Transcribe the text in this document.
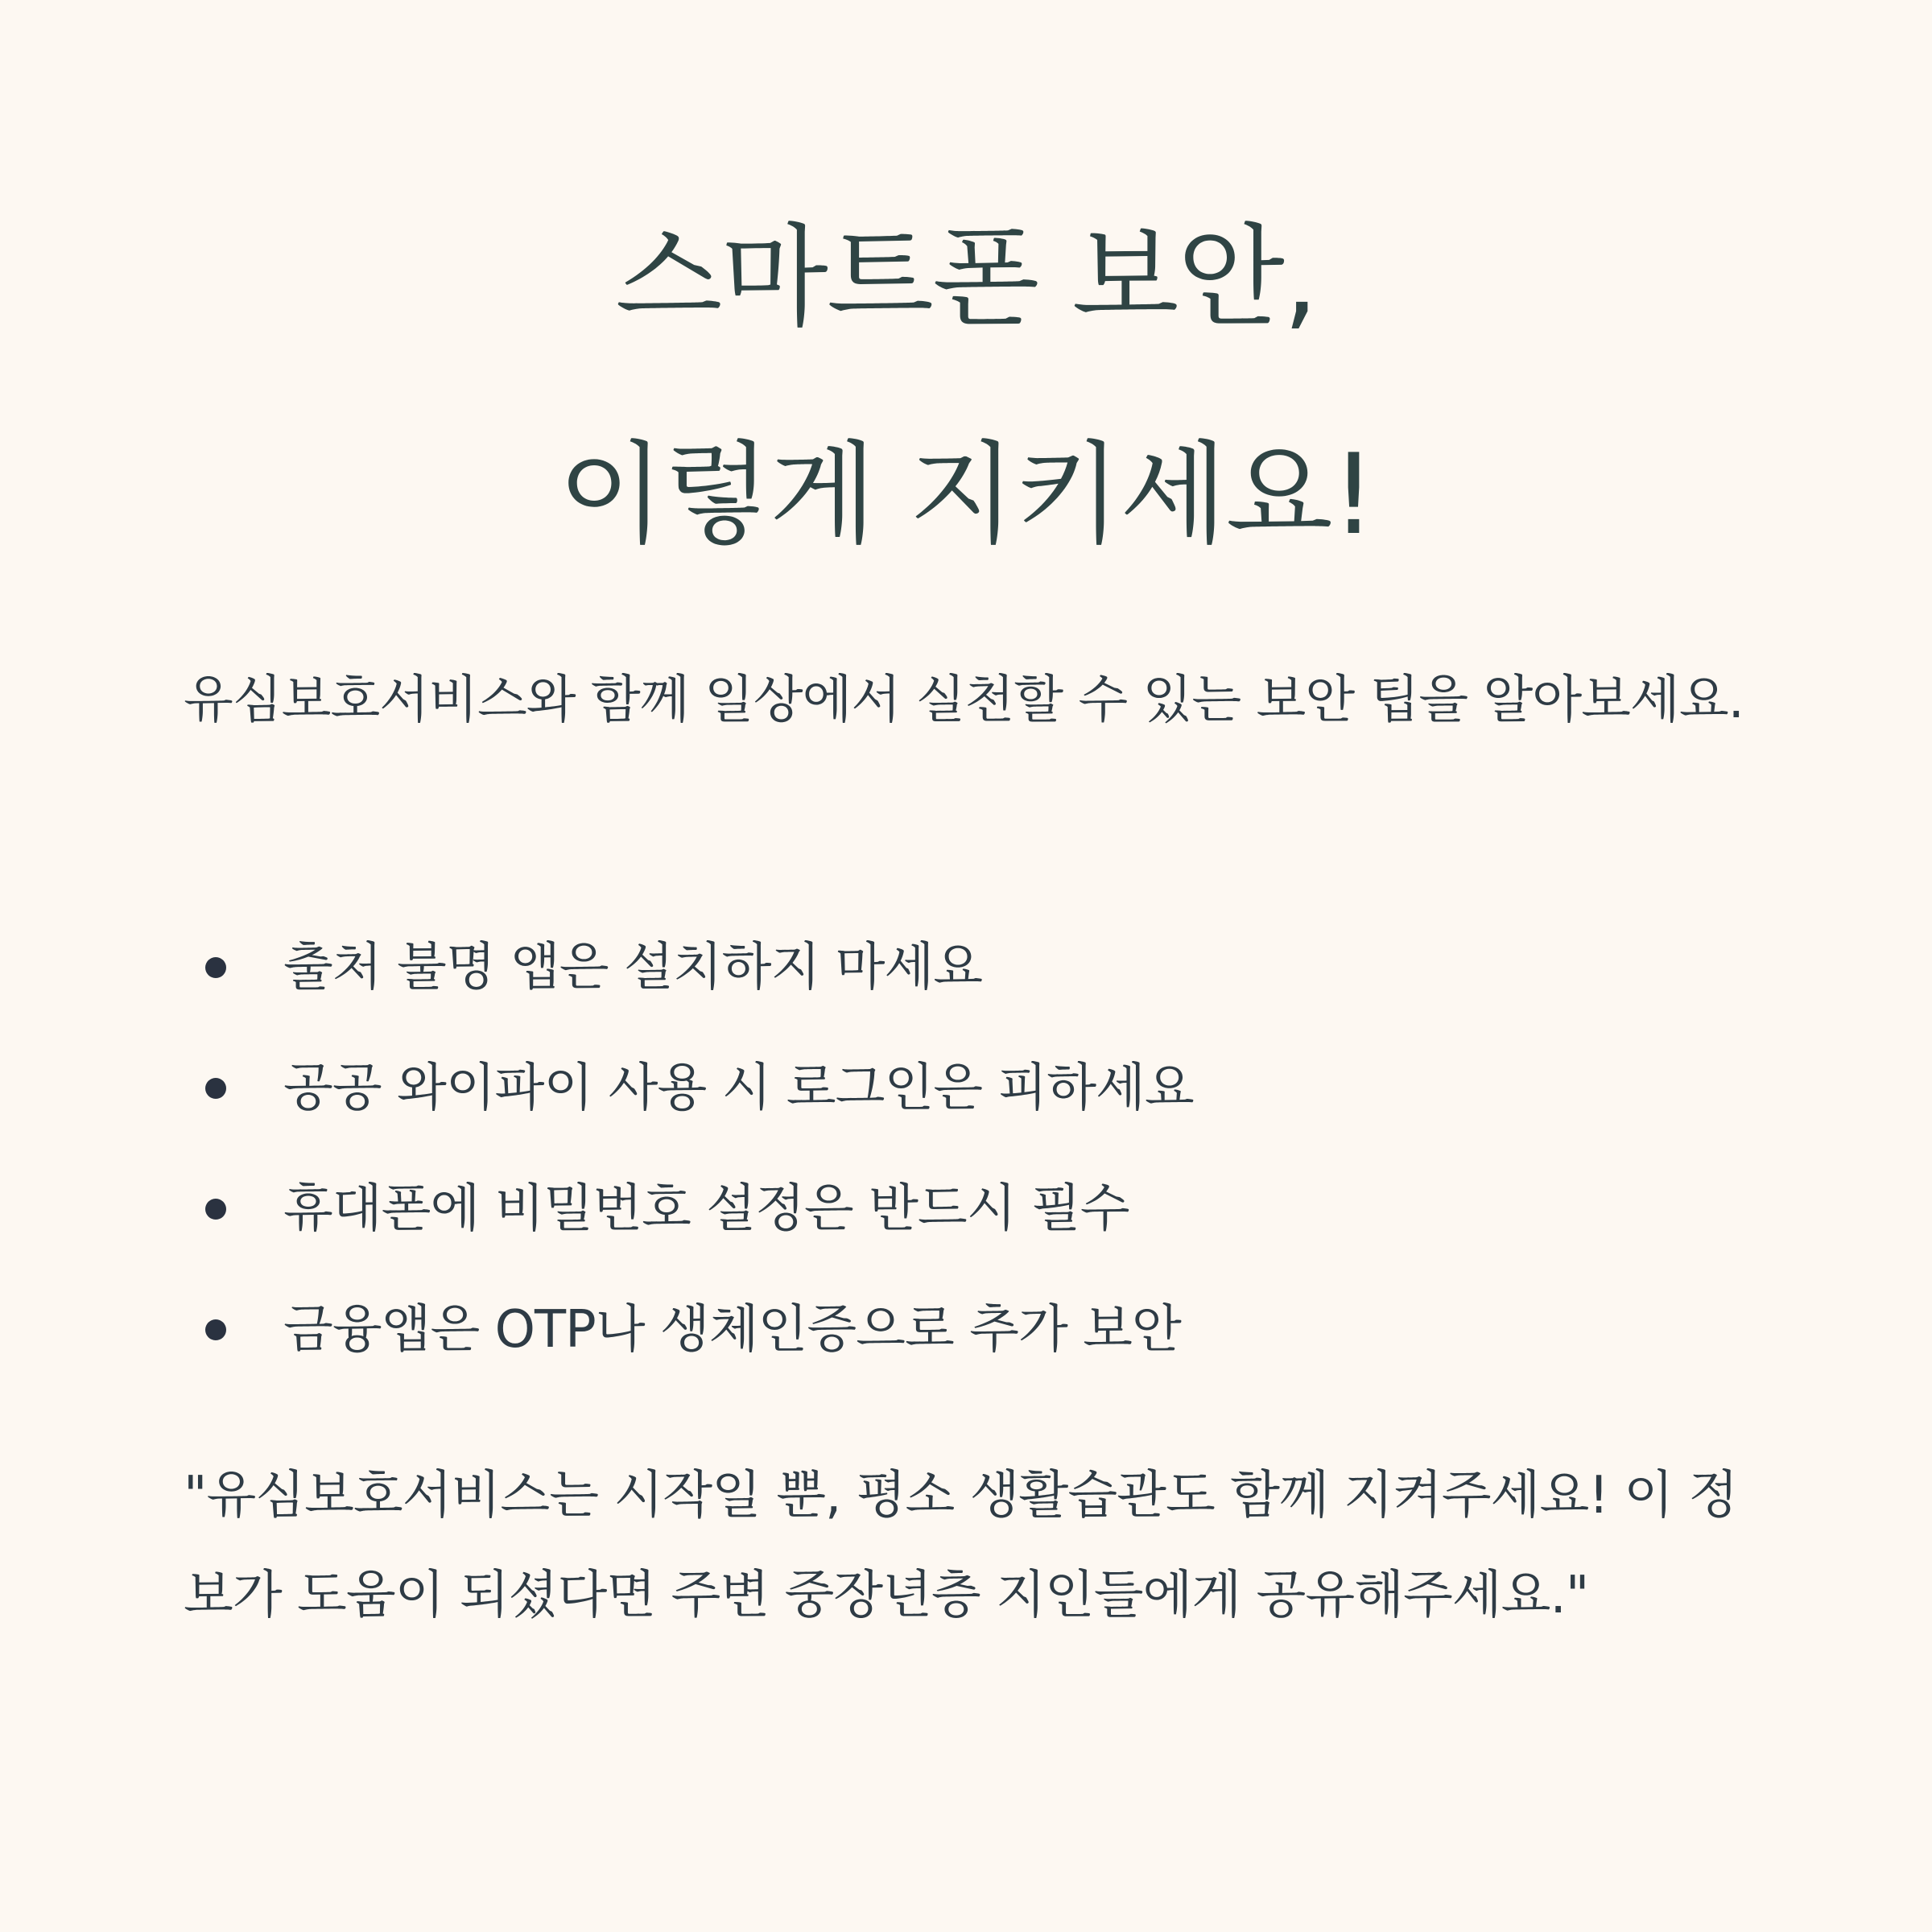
스마트폰 보안,
이렇게 지키세요!

유심보호서비스와 함께 일상에서 실천할 수 있는 보안 팁을 알아보세요.

출처 불명 앱은 설치하지 마세요
공공 와이파이 사용 시 로그인은 피하세요
휴대폰에 비밀번호 설정은 반드시 필수
금융앱은 OTP나 생체인증으로 추가 보안

"유심보호서비스는 시작일 뿐, 평소 생활습관도 함께 지켜주세요! 이 정보가 도움이 되셨다면 주변 중장년층 지인들에게 공유해주세요."
